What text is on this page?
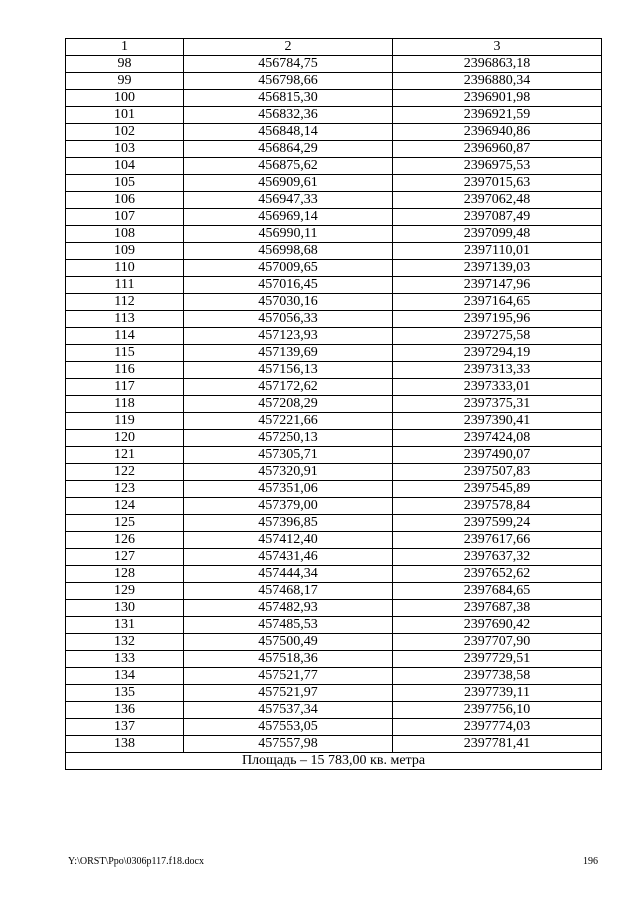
1	2	3
98	456784,75	2396863,18
99	456798,66	2396880,34
100	456815,30	2396901,98
101	456832,36	2396921,59
102	456848,14	2396940,86
103	456864,29	2396960,87
104	456875,62	2396975,53
105	456909,61	2397015,63
106	456947,33	2397062,48
107	456969,14	2397087,49
108	456990,11	2397099,48
109	456998,68	2397110,01
110	457009,65	2397139,03
111	457016,45	2397147,96
112	457030,16	2397164,65
113	457056,33	2397195,96
114	457123,93	2397275,58
115	457139,69	2397294,19
116	457156,13	2397313,33
117	457172,62	2397333,01
118	457208,29	2397375,31
119	457221,66	2397390,41
120	457250,13	2397424,08
121	457305,71	2397490,07
122	457320,91	2397507,83
123	457351,06	2397545,89
124	457379,00	2397578,84
125	457396,85	2397599,24
126	457412,40	2397617,66
127	457431,46	2397637,32
128	457444,34	2397652,62
129	457468,17	2397684,65
130	457482,93	2397687,38
131	457485,53	2397690,42
132	457500,49	2397707,90
133	457518,36	2397729,51
134	457521,77	2397738,58
135	457521,97	2397739,11
136	457537,34	2397756,10
137	457553,05	2397774,03
138	457557,98	2397781,41
Площадь – 15 783,00 кв. метра		
Y:\ORST\Ppo\0306p117.f18.docx	196
